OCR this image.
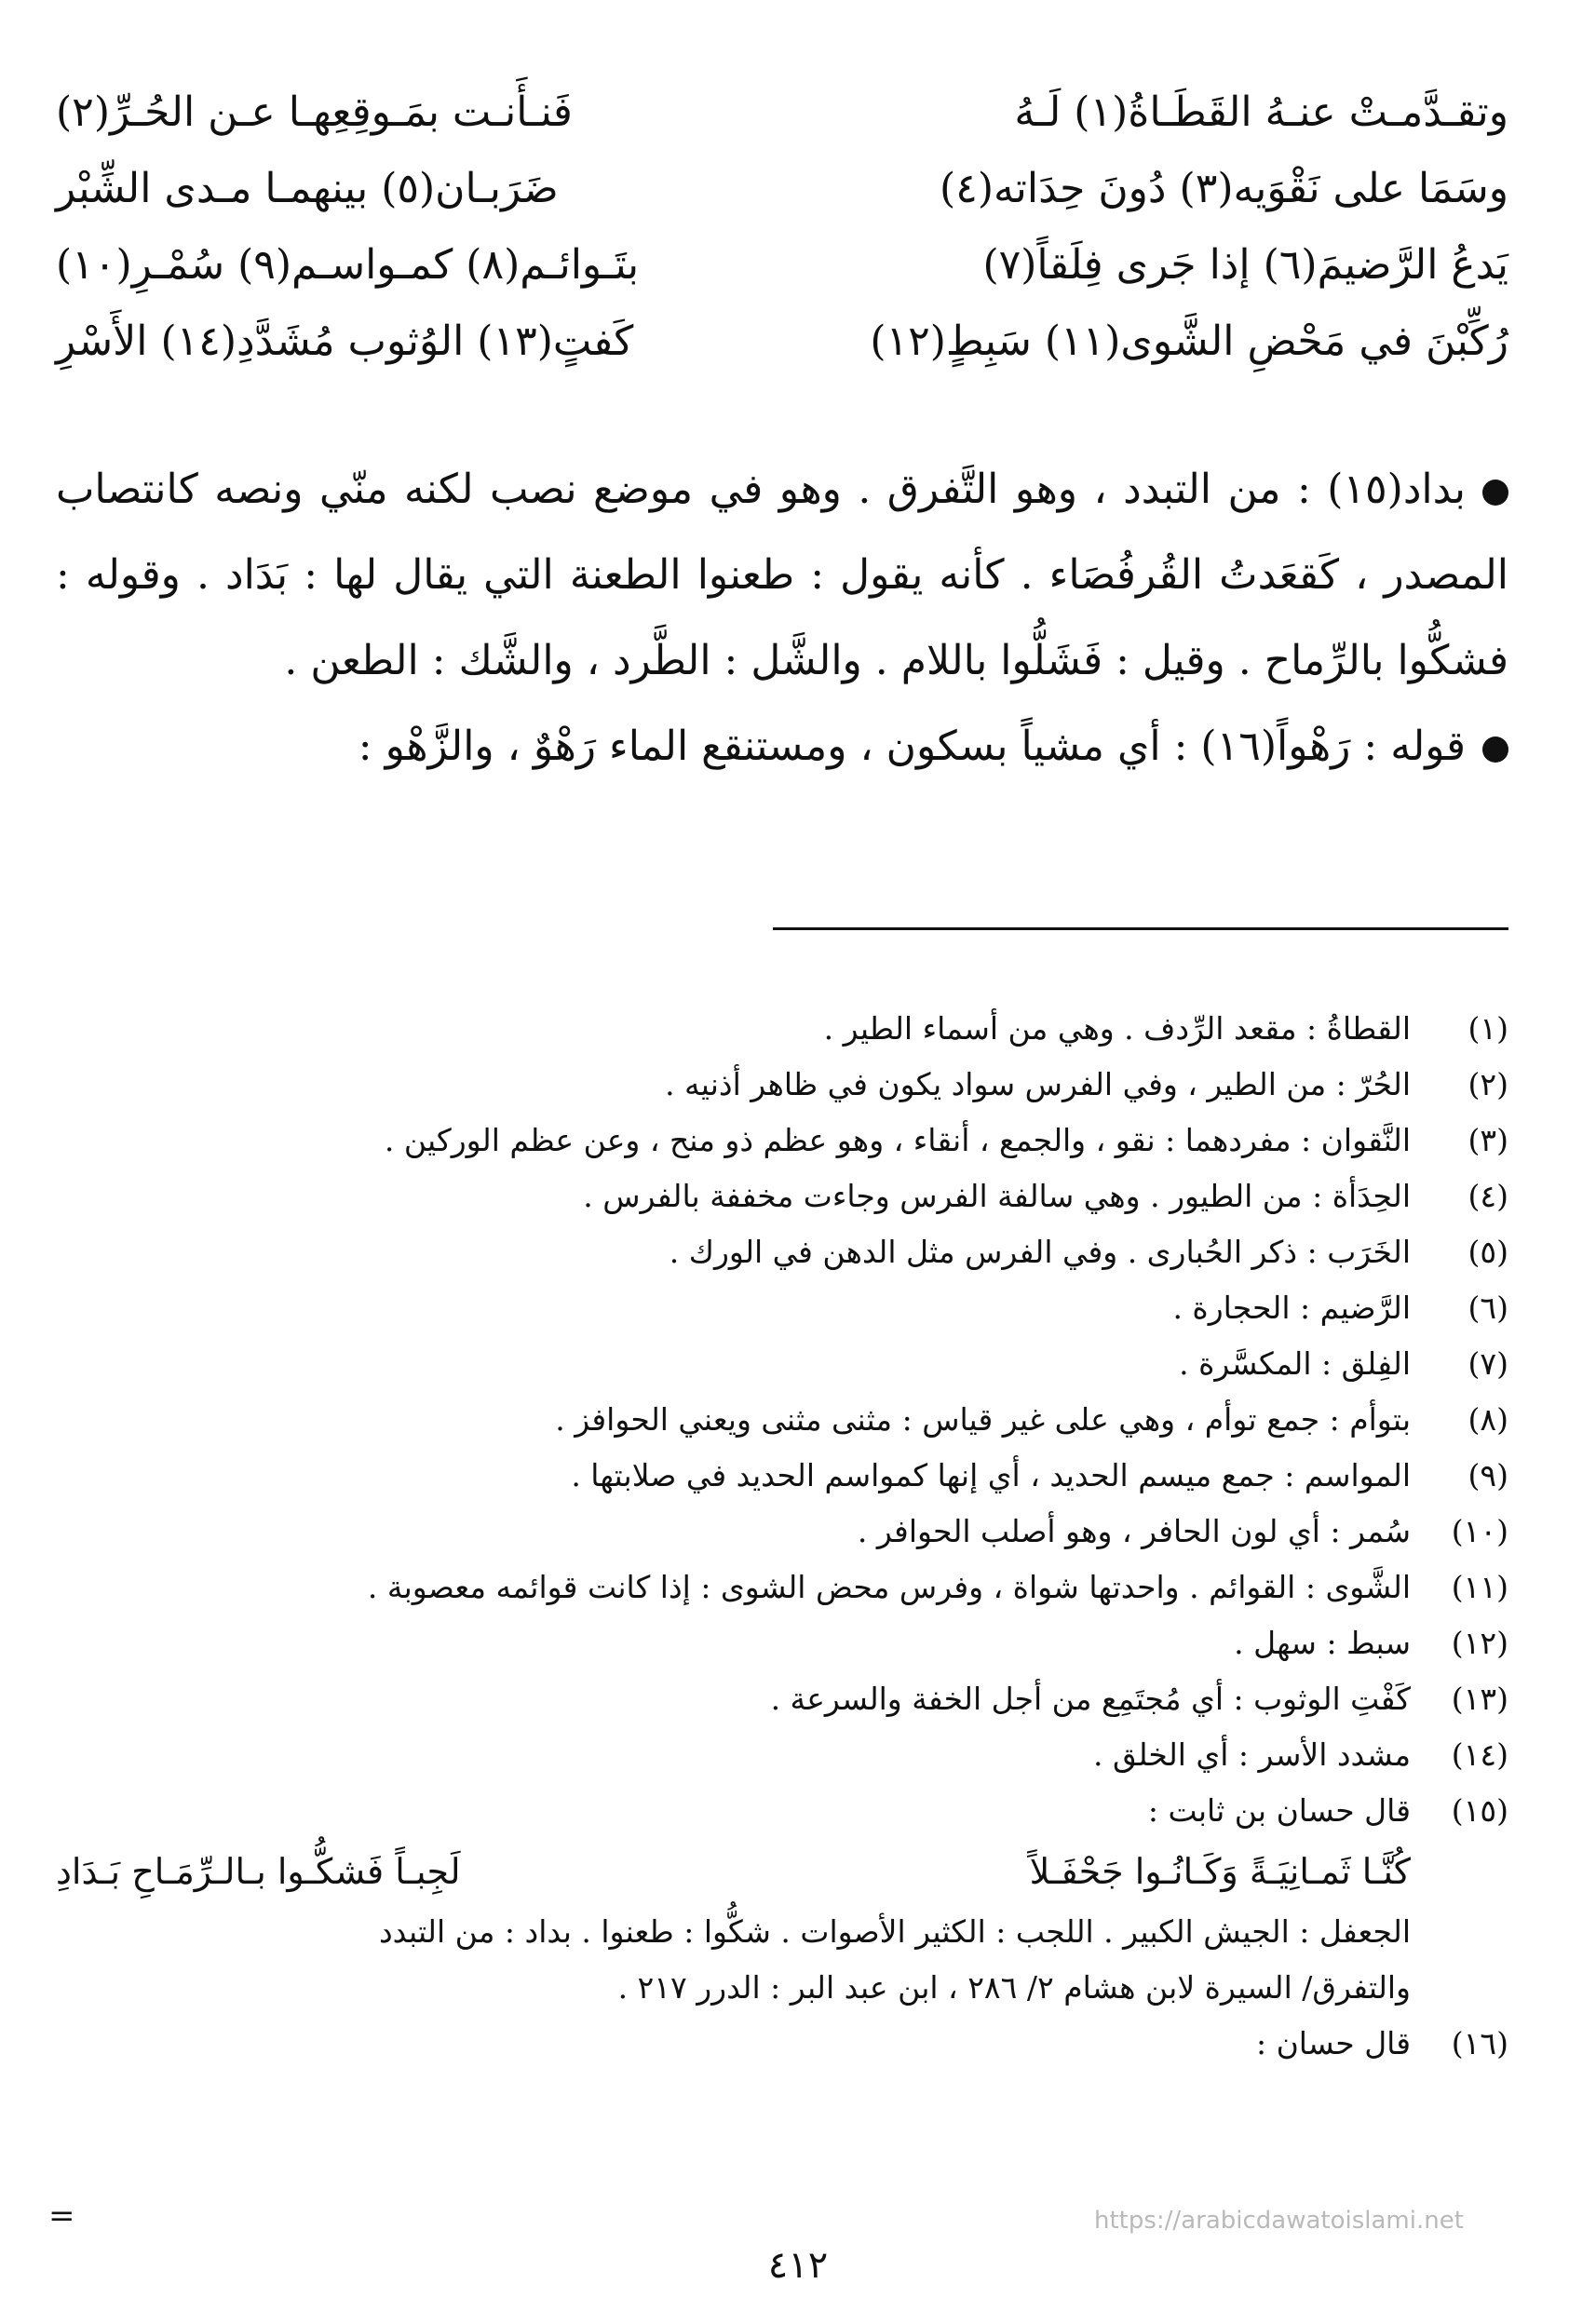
وتقـدَّمـتْ عنـهُ القَطَـاةُ(١) لَـهُ
فَنـأَنـت بمَـوقِعِهـا عـن الحُـرِّ(٢)
وسَمَا على نَقْوَيه(٣) دُونَ حِدَاته(٤)
ضَرَبـان(٥) بينهمـا مـدى الشِّبْر
يَدعُ الرَّضيمَ(٦) إذا جَرى فِلَقاً(٧)
بتَـوائـم(٨) كمـواسـم(٩) سُمْـرِ(١٠)
رُكِّبْنَ في مَحْضِ الشَّوى(١١) سَبِطٍ(١٢)
كَفتٍ(١٣) الوُثوب مُشَدَّدِ(١٤) الأَسْرِ

بداد(١٥) : من التبدد ، وهو التَّفرق . وهو في موضع نصب لكنه منّي ونصه كانتصاب المصدر ، كَقعَدتُ القُرفُصَاء . كأنه يقول : طعنوا الطعنة التي يقال لها : بَدَاد . وقوله : فشكُّوا بالرِّماح . وقيل : فَشَلُّوا باللام . والشَّل : الطَّرد ، والشَّك : الطعن .

قوله : رَهْواً(١٦) : أي مشياً بسكون ، ومستنقع الماء رَهْوٌ ، والزَّهْو :

(١)
القطاةُ : مقعد الرِّدف . وهي من أسماء الطير .
(٢)
الحُرّ : من الطير ، وفي الفرس سواد يكون في ظاهر أذنيه .
(٣)
النَّقوان : مفردهما : نقو ، والجمع ، أنقاء ، وهو عظم ذو منح ، وعن عظم الوركين .
(٤)
الحِدَأة : من الطيور . وهي سالفة الفرس وجاءت مخففة بالفرس .
(٥)
الخَرَب : ذكر الحُبارى . وفي الفرس مثل الدهن في الورك .
(٦)
الرَّضيم : الحجارة .
(٧)
الفِلق : المكسَّرة .
(٨)
بتوأم : جمع توأم ، وهي على غير قياس : مثنى مثنى ويعني الحوافز .
(٩)
المواسم : جمع ميسم الحديد ، أي إنها كمواسم الحديد في صلابتها .
(١٠)
سُمر : أي لون الحافر ، وهو أصلب الحوافر .
(١١)
الشَّوى : القوائم . واحدتها شواة ، وفرس محض الشوى : إذا كانت قوائمه معصوبة .
(١٢)
سبط : سهل .
(١٣)
كَفْتِ الوثوب : أي مُجتَمِع من أجل الخفة والسرعة .
(١٤)
مشدد الأسر : أي الخلق .
(١٥)
قال حسان بن ثابت :
كُنَّـا ثَمـانِيَـةً وَكَـانُـوا جَحْفَـلاً
لَجِبـاً فَشكُّـوا بـالـرِّمَـاحِ بَـدَادِ
الجعفل : الجيش الكبير . اللجب : الكثير الأصوات . شكُّوا : طعنوا . بداد : من التبدد
والتفرق/ السيرة لابن هشام ٢/ ٢٨٦ ، ابن عبد البر : الدرر ٢١٧ .
(١٦)
قال حسان :
=	https://arabicdawatoislami.net
٤١٢
